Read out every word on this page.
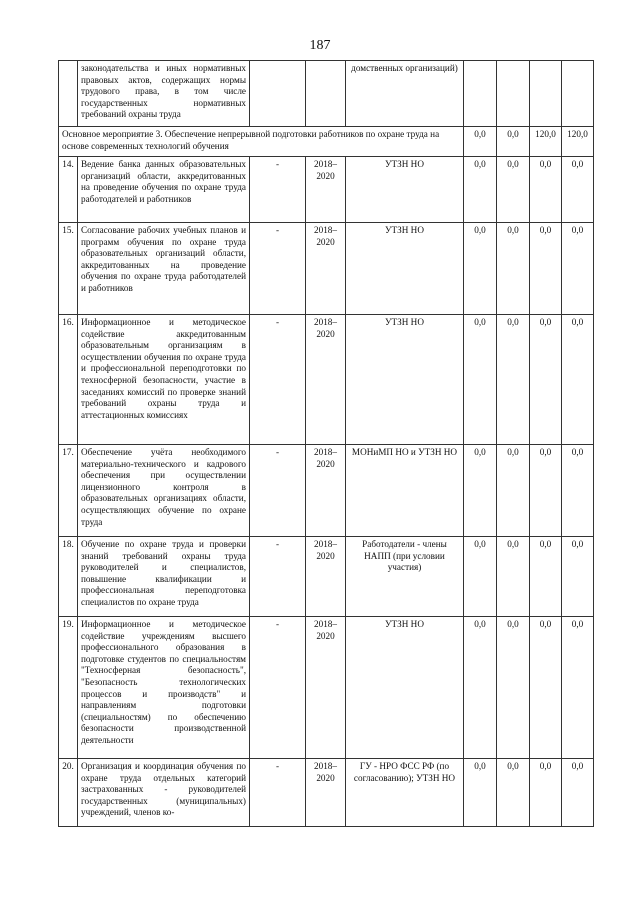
187
	законодательства и иных нормативных правовых актов, содержащих нормы трудового права, в том числе государственных нормативных требований охраны труда			домственных организаций)				
Основное мероприятие 3. Обеспечение непрерывной подготовки работников по охране труда на основе современных технологий обучения					0,0	0,0	120,0	120,0
14.	Ведение банка данных образовательных организаций области, аккредитованных на проведение обучения по охране труда работодателей и работников	-	2018–2020	УТЗН НО	0,0	0,0	0,0	0,0
15.	Согласование рабочих учебных планов и программ обучения по охране труда образовательных организаций области, аккредитованных на проведение обучения по охране труда работодателей и работников	-	2018–2020	УТЗН НО	0,0	0,0	0,0	0,0
16.	Информационное и методическое содействие аккредитованным образовательным организациям в осуществлении обучения по охране труда и профессиональной переподготовки по техносферной безопасности, участие в заседаниях комиссий по проверке знаний требований охраны труда и аттестационных комиссиях	-	2018–2020	УТЗН НО	0,0	0,0	0,0	0,0
17.	Обеспечение учёта необходимого материально-технического и кадрового обеспечения при осуществлении лицензионного контроля в образовательных организациях области, осуществляющих обучение по охране труда	-	2018–2020	МОНиМП НО и УТЗН НО	0,0	0,0	0,0	0,0
18.	Обучение по охране труда и проверки знаний требований охраны труда руководителей и специалистов, повышение квалификации и профессиональная переподготовка специалистов по охране труда	-	2018–2020	Работодатели - члены НАПП (при условии участия)	0,0	0,0	0,0	0,0
19.	Информационное и методическое содействие учреждениям высшего профессионального образования в подготовке студентов по специальностям "Техносферная безопасность", "Безопасность технологических процессов и производств" и направлениям подготовки (специальностям) по обеспечению безопасности производственной деятельности	-	2018–2020	УТЗН НО	0,0	0,0	0,0	0,0
20.	Организация и координация обучения по охране труда отдельных категорий застрахованных - руководителей государственных (муниципальных) учреждений, членов ко-	-	2018–2020	ГУ - НРО ФСС РФ (по согласованию); УТЗН НО	0,0	0,0	0,0	0,0
